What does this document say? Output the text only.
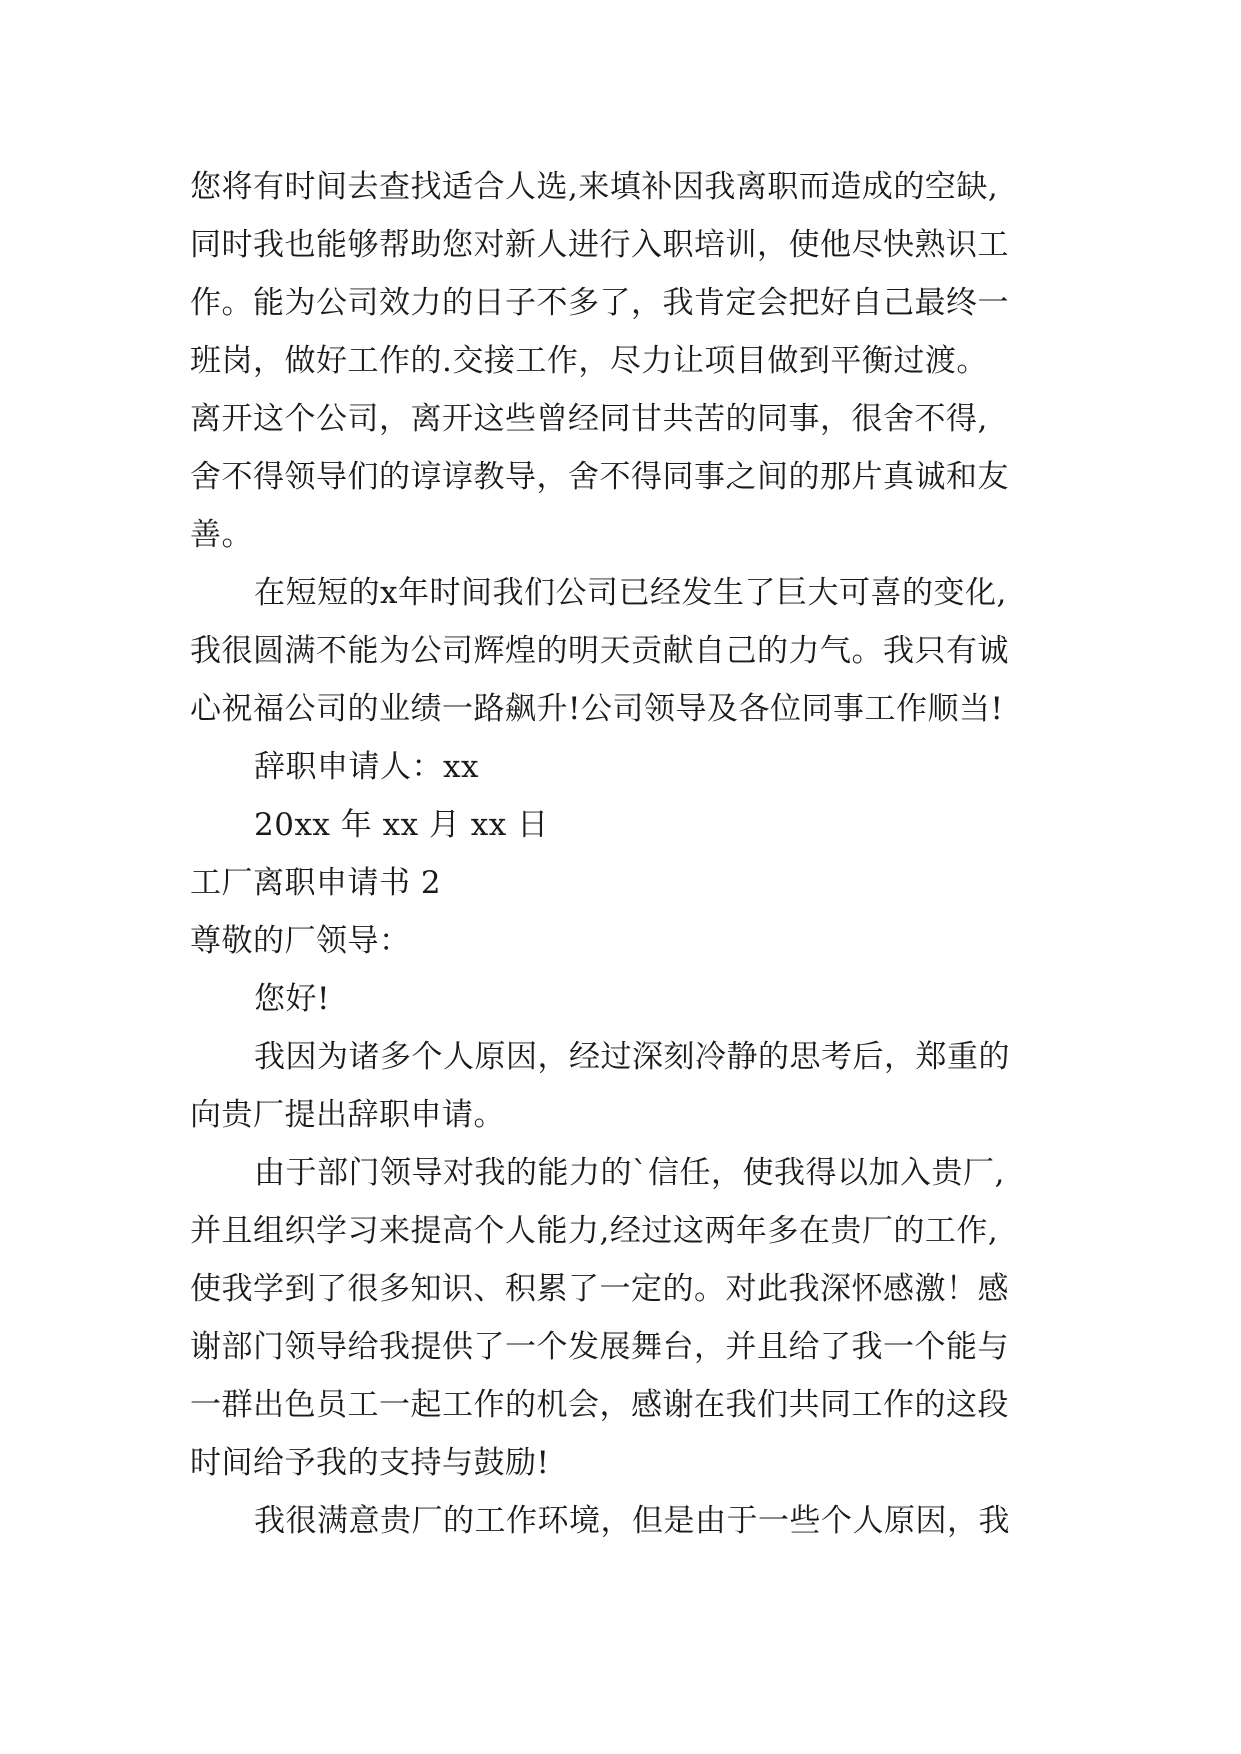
您将有时间去查找适合人选,来填补因我离职而造成的空缺,
同时我也能够帮助您对新人进行入职培训，使他尽快熟识工
作。能为公司效力的日子不多了，我肯定会把好自己最终一
班岗，做好工作的.交接工作，尽力让项目做到平衡过渡。
离开这个公司，离开这些曾经同甘共苦的同事，很舍不得,
舍不得领导们的谆谆教导，舍不得同事之间的那片真诚和友
善。
在短短的x年时间我们公司已经发生了巨大可喜的变化,
我很圆满不能为公司辉煌的明天贡献自己的力气。我只有诚
心祝福公司的业绩一路飙升!公司领导及各位同事工作顺当!
辞职申请人：xx
20xx 年 xx 月 xx 日
工厂离职申请书 2
尊敬的厂领导：
您好!
我因为诸多个人原因，经过深刻冷静的思考后，郑重的
向贵厂提出辞职申请。
由于部门领导对我的能力的`信任，使我得以加入贵厂,
并且组织学习来提高个人能力,经过这两年多在贵厂的工作,
使我学到了很多知识、积累了一定的。对此我深怀感激！感
谢部门领导给我提供了一个发展舞台，并且给了我一个能与
一群出色员工一起工作的机会，感谢在我们共同工作的这段
时间给予我的支持与鼓励!
我很满意贵厂的工作环境，但是由于一些个人原因，我
